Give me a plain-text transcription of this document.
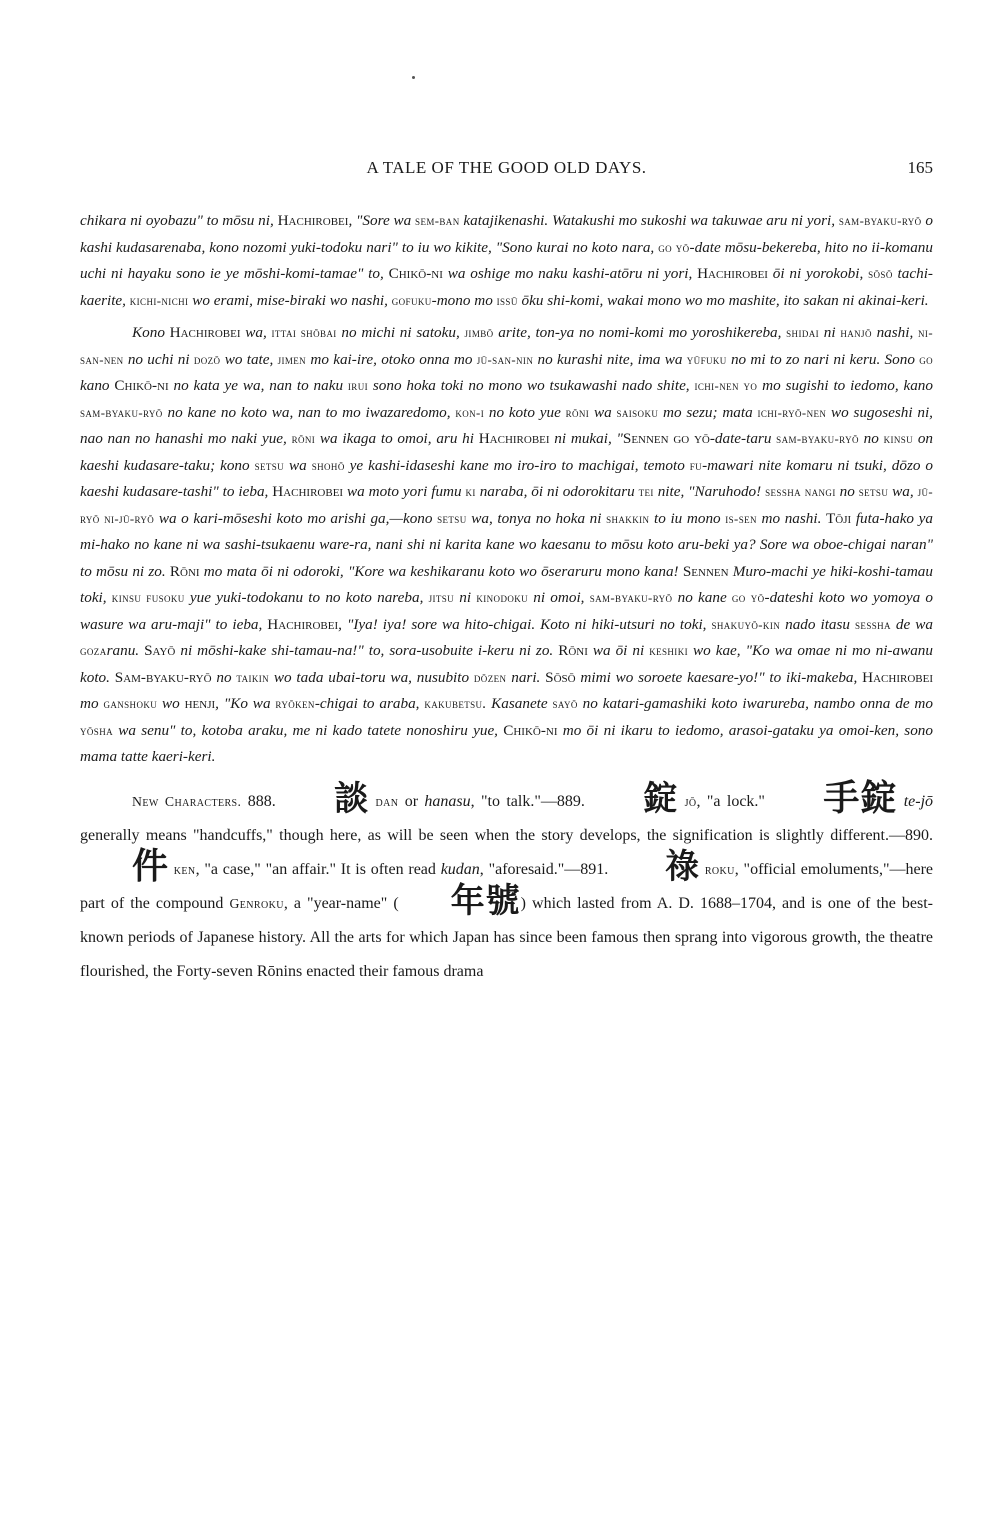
A TALE OF THE GOOD OLD DAYS.	165

chikara ni oyobazu" to mōsu ni, Hachirobei, "Sore wa sem-ban katajikenashi. Watakushi mo sukoshi wa takuwae aru ni yori, sam-byaku-ryō o kashi kudasarenaba, kono nozomi yuki-todoku nari" to iu wo kikite, "Sono kurai no koto nara, go yō-date mōsu-bekereba, hito no ii-komanu uchi ni hayaku sono ie ye mōshi-komi-tamae" to, Chikō-ni wa oshige mo naku kashi-atōru ni yori, Hachirobei ōi ni yorokobi, sōsō tachi-kaerite, kichi-nichi wo erami, mise-biraki wo nashi, gofuku-mono mo issū ōku shi-komi, wakai mono wo mo mashite, ito sakan ni akinai-keri.

Kono Hachirobei wa, ittai shōbai no michi ni satoku, jimbō arite, ton-ya no nomi-komi mo yoroshikereba, shidai ni hanjō nashi, ni-san-nen no uchi ni dozō wo tate, jimen mo kai-ire, otoko onna mo jū-san-nin no kurashi nite, ima wa yūfuku no mi to zo nari ni keru. Sono go kano Chikō-ni no kata ye wa, nan to naku irui sono hoka toki no mono wo tsukawashi nado shite, ichi-nen yo mo sugishi to iedomo, kano sam-byaku-ryō no kane no koto wa, nan to mo iwazaredomo, kon-i no koto yue rōni wa saisoku mo sezu; mata ichi-ryō-nen wo sugoseshi ni, nao nan no hanashi mo naki yue, rōni wa ikaga to omoi, aru hi Hachirobei ni mukai, "Sennen go yō-date-taru sam-byaku-ryō no kinsu on kaeshi kudasare-taku; kono setsu wa shohō ye kashi-idaseshi kane mo iro-iro to machigai, temoto fu-mawari nite komaru ni tsuki, dōzo o kaeshi kudasare-tashi" to ieba, Hachirobei wa moto yori fumu ki naraba, ōi ni odorokitaru tei nite, "Naruhodo! sessha nangi no setsu wa, jū-ryō ni-jū-ryō wa o kari-mōseshi koto mo arishi ga,—kono setsu wa, tonya no hoka ni shakkin to iu mono is-sen mo nashi. Tōji futa-hako ya mi-hako no kane ni wa sashi-tsukaenu ware-ra, nani shi ni karita kane wo kaesanu to mōsu koto aru-beki ya? Sore wa oboe-chigai naran" to mōsu ni zo. Rōni mo mata ōi ni odoroki, "Kore wa keshikaranu koto wo ōseraruru mono kana! Sennen Muro-machi ye hiki-koshi-tamau toki, kinsu fusoku yue yuki-todokanu to no koto nareba, jitsu ni kinodoku ni omoi, sam-byaku-ryō no kane go yō-dateshi koto wo yomoya o wasure wa aru-maji" to ieba, Hachirobei, "Iya! iya! sore wa hito-chigai. Koto ni hiki-utsuri no toki, shakuyō-kin nado itasu sessha de wa gozaranu. Sayō ni mōshi-kake shi-tamau-na!" to, sora-usobuite i-keru ni zo. Rōni wa ōi ni keshiki wo kae, "Ko wa omae ni mo ni-awanu koto. Sam-byaku-ryō no taikin wo tada ubai-toru wa, nusubito dōzen nari. Sōsō mimi wo soroete kaesare-yo!" to iki-makeba, Hachirobei mo ganshoku wo henji, "Ko wa ryōken-chigai to araba, kakubetsu. Kasanete sayō no katari-gamashiki koto iwarureba, nambo onna de mo yōsha wa senu" to, kotoba araku, me ni kado tatete nonoshiru yue, Chikō-ni mo ōi ni ikaru to iedomo, arasoi-gataku ya omoi-ken, sono mama tatte kaeri-keri.

New Characters. 888. 談 dan or hanasu, "to talk."—889. 錠 jō, "a lock." 手錠 te-jō generally means "handcuffs," though here, as will be seen when the story develops, the signification is slightly different.—890. 件 ken, "a case," "an affair." It is often read kudan, "aforesaid."—891. 祿 roku, "official emoluments,"—here part of the compound Genroku, a "year-name" ( 年號) which lasted from A. D. 1688–1704, and is one of the best-known periods of Japanese history. All the arts for which Japan has since been famous then sprang into vigorous growth, the theatre flourished, the Forty-seven Rōnins enacted their famous drama
